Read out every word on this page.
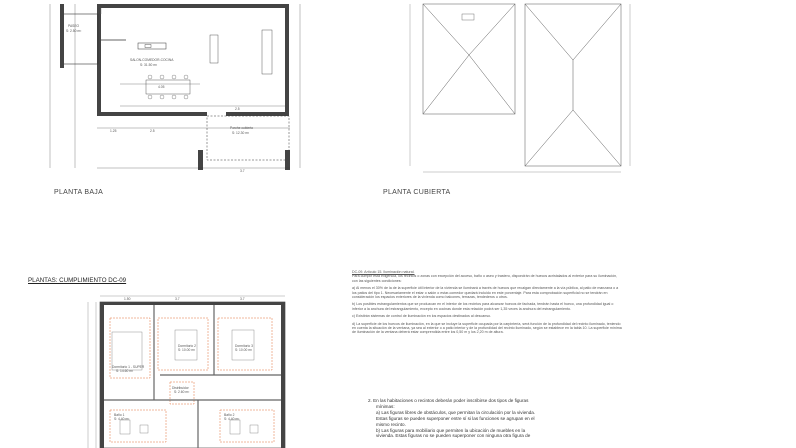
SALON-COMEDOR-COCINA
S: 31.50 m²
PASEO
S: 2.50 m²
Porche cubierto
S: 12.30 m²
1.25	2.5
4.05
2.5
3.7
PLANTA BAJA	PLANTA CUBIERTA
PLANTAS: CUMPLIMIENTO DC-09
Dormitorio 1 - SUPER
S: 14.60 m²
Dormitorio 2
S: 10.00 m²
Dormitorio 3
S: 10.00 m²
Distribuidor
S: 2.60 m²
Baño 1
S: 4.40 m²
Baño 2
S: 4.40 m²
1.50	3.7	3.7

DC-09. Artículo 15. Iluminación natural.
Para cumplir esta exigencia, los recintos o zonas con excepción del acceso, baño o aseo y trastero, dispondrán de huecos acristalados al exterior para su iluminación, con las siguientes condiciones:

a) Al menos el 30% de la de la superficie útil interior de la vivienda se iluminará a través de huecos que recaigan directamente a la vía pública, al patio de manzana o a los patios del tipo 1. Necesariamente el estar o salón o estar-comedor quedará incluido en este porcentaje. Para esta comprobación superficial no se tendrán en consideración los espacios exteriores de la vivienda como balcones, terrazas, tendederos u otros.

b) Los posibles estrangulamientos que se produzcan en el interior de los recintos para alcanzar huecos de fachada, tendrán hasta el hueco, una profundidad igual o inferior a la anchura del estrangulamiento, excepto en cocinas donde esta relación podrá ser 1,35 veces la anchura del estrangulamiento.

c) Existirán sistemas de control de iluminación en los espacios destinados al descanso.

d) La superficie de los huecos de iluminación, en la que se incluye la superficie ocupada por la carpintería, será función de la profundidad del recinto iluminado, teniendo en cuenta la situación de la ventana, ya sea al exterior o a patio interior y de la profundidad del recinto iluminado, según se establece en la tabla 10. La superficie mínima de iluminación de la ventana deberá estar comprendida entre los 0,50 m y los 2,20 m de altura.

2. En las habitaciones o recintos deberán poder inscribirse dos tipos de figuras

mínimas:

a) Las figuras libres de obstáculos, que permitan la circulación por la vivienda.

Estas figuras se pueden superponer entre sí si las funciones se agrupan en el

mismo recinto.

b) Las figuras para mobiliario que permiten la ubicación de muebles en la

vivienda. Estas figuras no se pueden superponer con ninguna otra figura de
